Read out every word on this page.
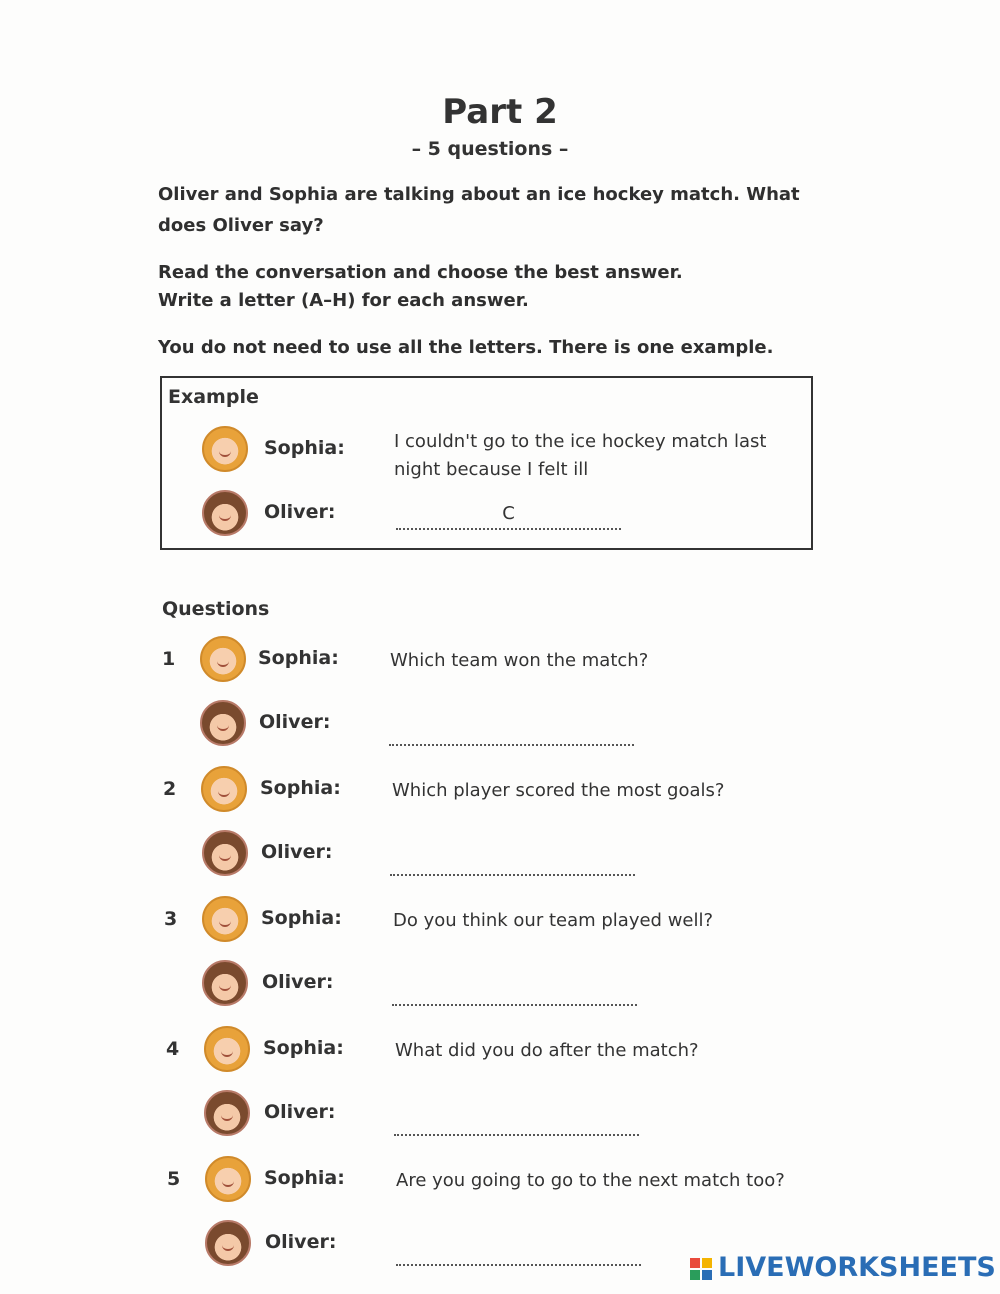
Part 2
– 5 questions –
Oliver and Sophia are talking about an ice hockey match. What
does Oliver say?
Read the conversation and choose the best answer.
Write a letter (A–H) for each answer.
You do not need to use all the letters. There is one example.
Example
Sophia:	I couldn't go to the ice hockey match last
night because I felt ill
Oliver:	C
Questions
1	Sophia:	Which team won the match?
Oliver:
2	Sophia:	Which player scored the most goals?
Oliver:
3	Sophia:	Do you think our team played well?
Oliver:
4	Sophia:	What did you do after the match?
Oliver:
5	Sophia:	Are you going to go to the next match too?
Oliver:
LIVEWORKSHEETS
